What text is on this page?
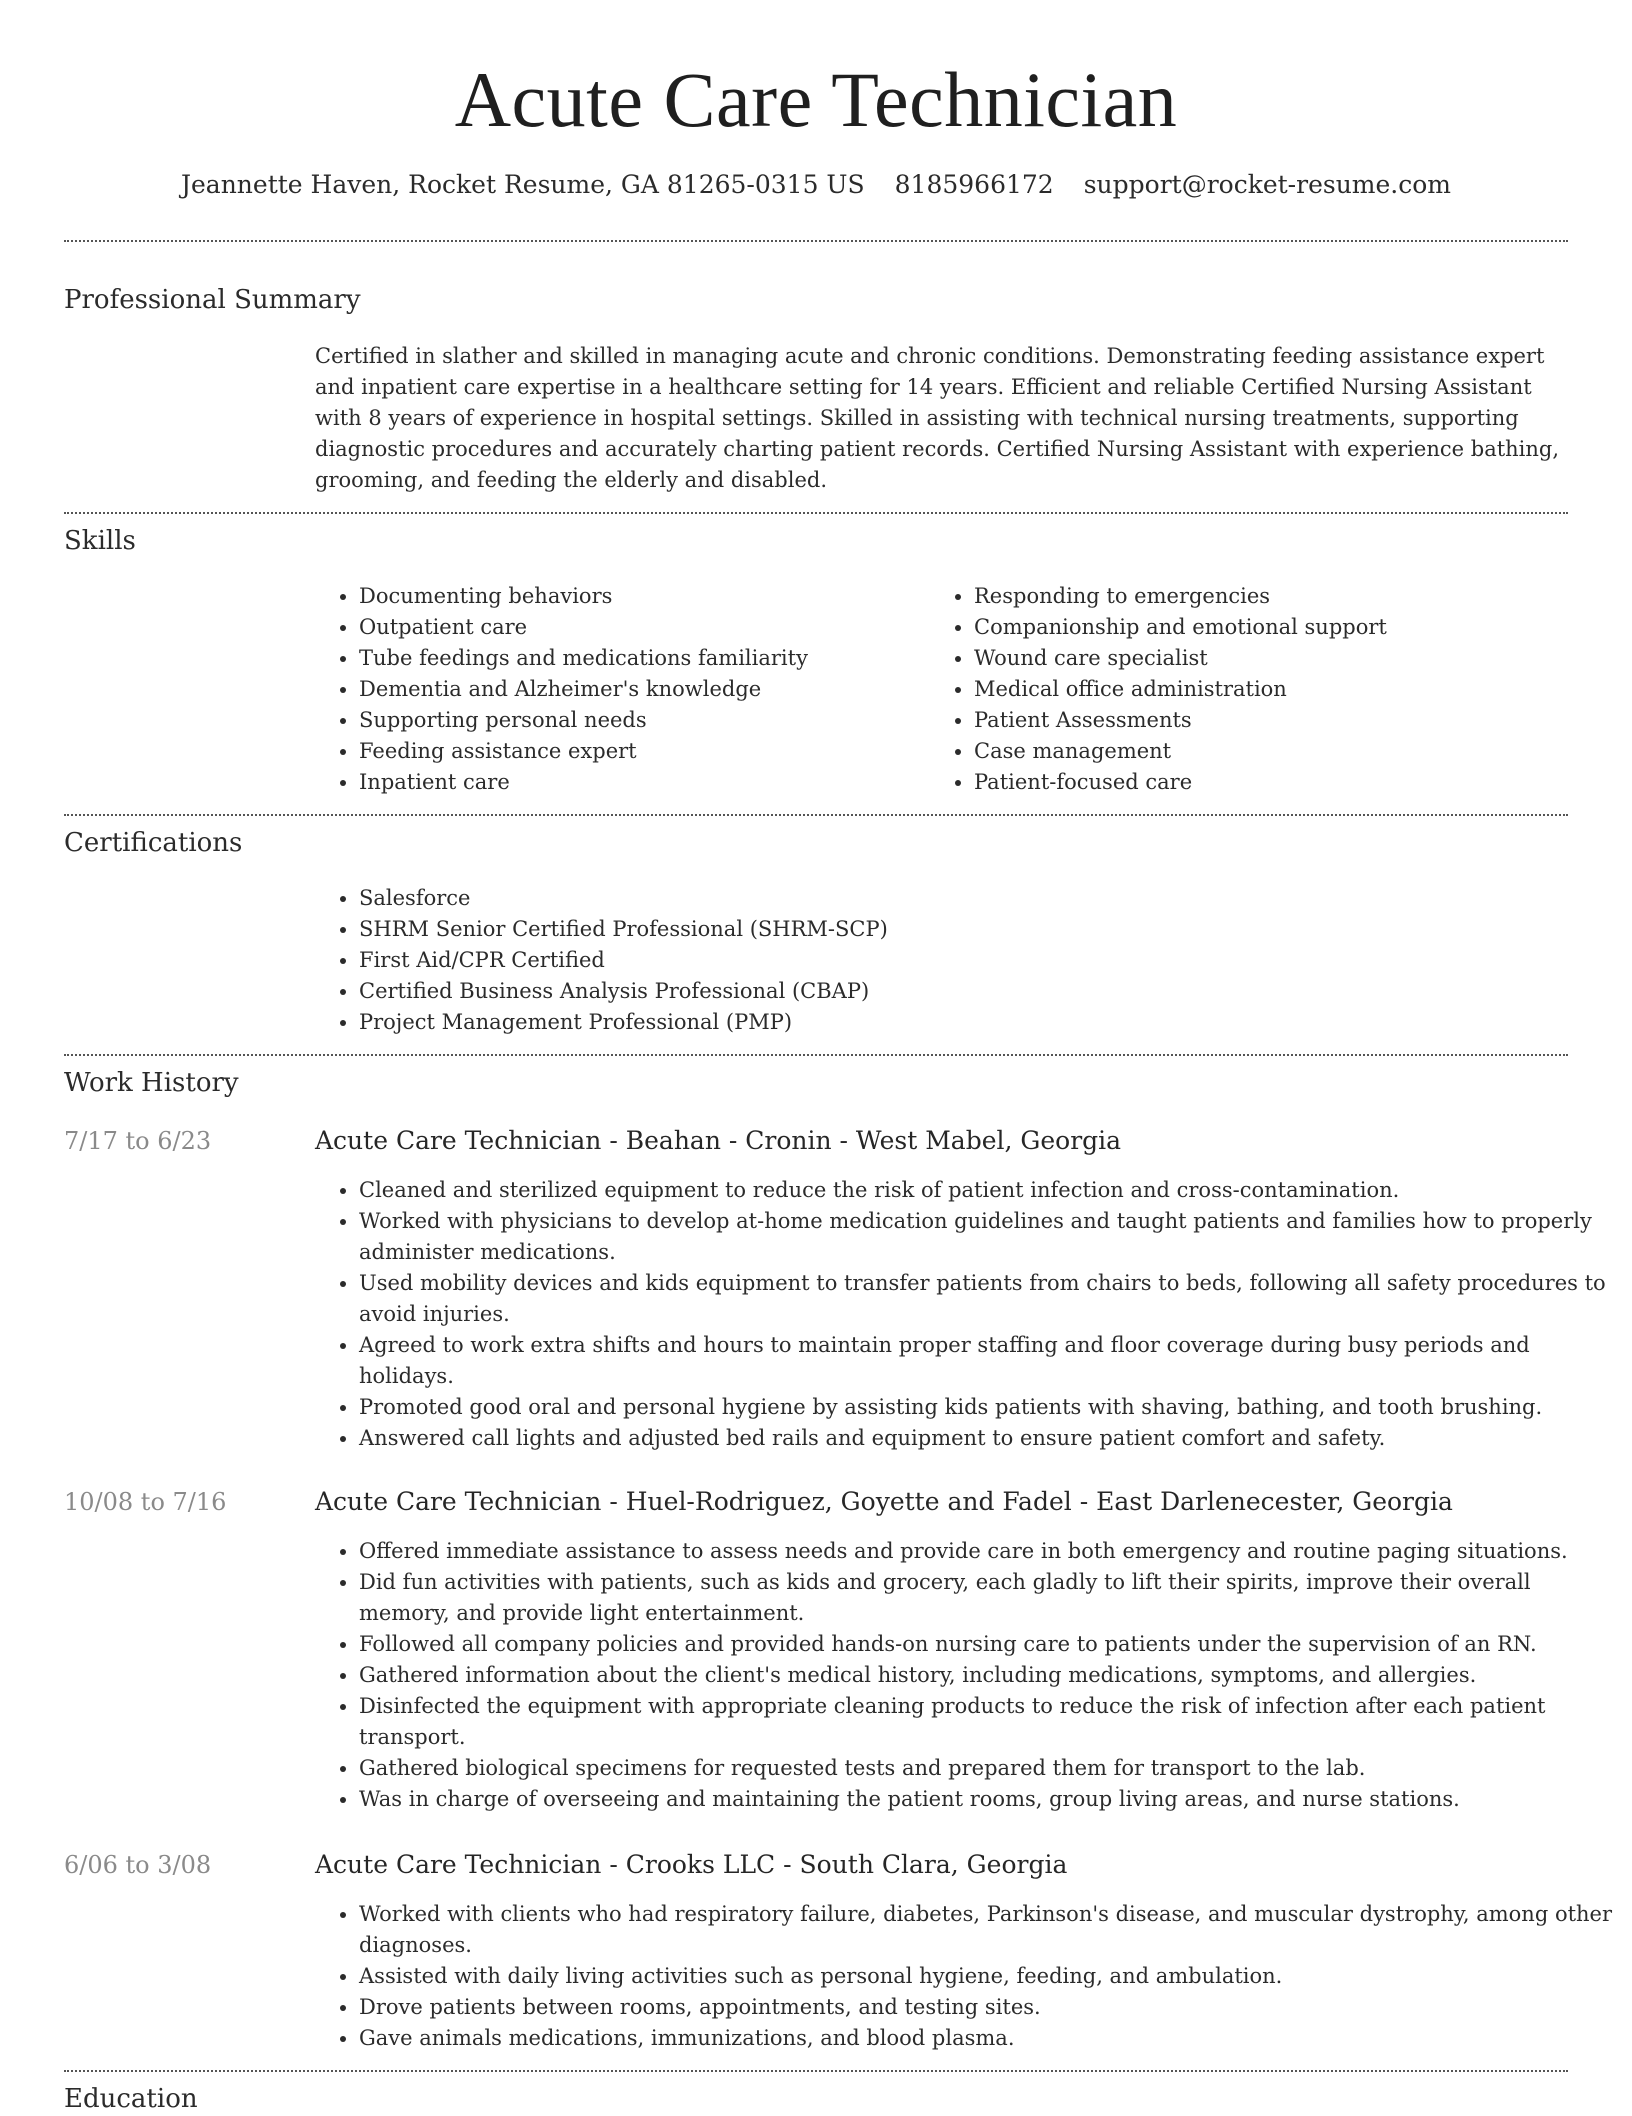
Acute Care Technician
Jeannette Haven, Rocket Resume, GA 81265-0315 US 8185966172 support@rocket-resume.com
Professional Summary

Certified in slather and skilled in managing acute and chronic conditions. Demonstrating feeding assistance expert and inpatient care expertise in a healthcare setting for 14 years. Efficient and reliable Certified Nursing Assistant with 8 years of experience in hospital settings. Skilled in assisting with technical nursing treatments, supporting diagnostic procedures and accurately charting patient records. Certified Nursing Assistant with experience bathing, grooming, and feeding the elderly and disabled.

Skills
• Documenting behaviors
• Outpatient care
• Tube feedings and medications familiarity
• Dementia and Alzheimer's knowledge
• Supporting personal needs
• Feeding assistance expert
• Inpatient care
• Responding to emergencies
• Companionship and emotional support
• Wound care specialist
• Medical office administration
• Patient Assessments
• Case management
• Patient-focused care
Certifications
• Salesforce
• SHRM Senior Certified Professional (SHRM-SCP)
• First Aid/CPR Certified
• Certified Business Analysis Professional (CBAP)
• Project Management Professional (PMP)
Work History
7/17 to 6/23	Acute Care Technician - Beahan - Cronin - West Mabel, Georgia
• Cleaned and sterilized equipment to reduce the risk of patient infection and cross-contamination.
• Worked with physicians to develop at-home medication guidelines and taught patients and families how to properly administer medications.
• Used mobility devices and kids equipment to transfer patients from chairs to beds, following all safety procedures to avoid injuries.
• Agreed to work extra shifts and hours to maintain proper staffing and floor coverage during busy periods and holidays.
• Promoted good oral and personal hygiene by assisting kids patients with shaving, bathing, and tooth brushing.
• Answered call lights and adjusted bed rails and equipment to ensure patient comfort and safety.
10/08 to 7/16	Acute Care Technician - Huel-Rodriguez, Goyette and Fadel - East Darlenecester, Georgia
• Offered immediate assistance to assess needs and provide care in both emergency and routine paging situations.
• Did fun activities with patients, such as kids and grocery, each gladly to lift their spirits, improve their overall memory, and provide light entertainment.
• Followed all company policies and provided hands-on nursing care to patients under the supervision of an RN.
• Gathered information about the client's medical history, including medications, symptoms, and allergies.
• Disinfected the equipment with appropriate cleaning products to reduce the risk of infection after each patient transport.
• Gathered biological specimens for requested tests and prepared them for transport to the lab.
• Was in charge of overseeing and maintaining the patient rooms, group living areas, and nurse stations.
6/06 to 3/08	Acute Care Technician - Crooks LLC - South Clara, Georgia
• Worked with clients who had respiratory failure, diabetes, Parkinson's disease, and muscular dystrophy, among other diagnoses.
• Assisted with daily living activities such as personal hygiene, feeding, and ambulation.
• Drove patients between rooms, appointments, and testing sites.
• Gave animals medications, immunizations, and blood plasma.
Education
